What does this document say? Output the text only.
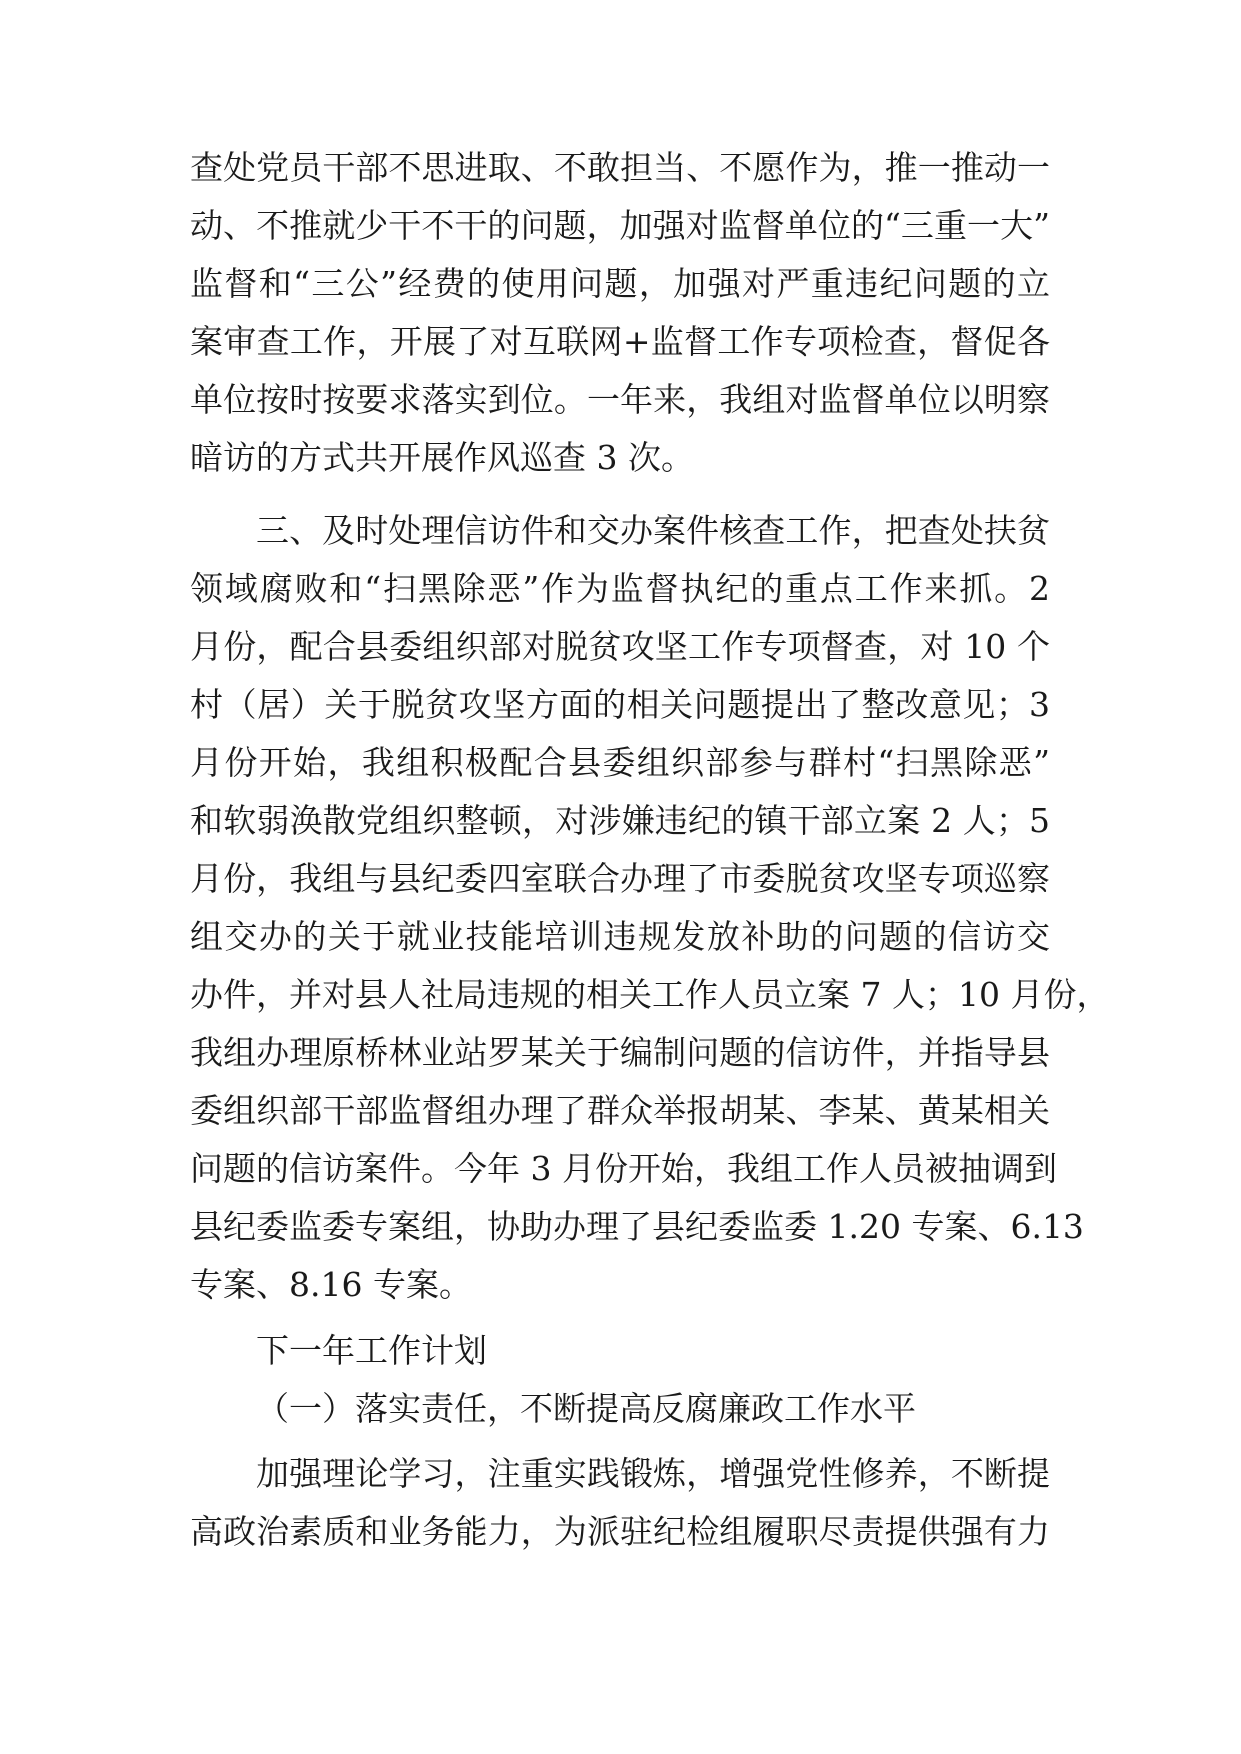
查处党员干部不思进取、不敢担当、不愿作为，推一推动一
动、不推就少干不干的问题，加强对监督单位的“三重一大”
监督和“三公”经费的使用问题，加强对严重违纪问题的立
案审查工作，开展了对互联网+监督工作专项检查，督促各
单位按时按要求落实到位。一年来，我组对监督单位以明察
暗访的方式共开展作风巡查 3 次。
三、及时处理信访件和交办案件核查工作，把查处扶贫
领域腐败和“扫黑除恶”作为监督执纪的重点工作来抓。2
月份，配合县委组织部对脱贫攻坚工作专项督查，对 10 个
村（居）关于脱贫攻坚方面的相关问题提出了整改意见；3
月份开始，我组积极配合县委组织部参与群村“扫黑除恶”
和软弱涣散党组织整顿，对涉嫌违纪的镇干部立案 2 人；5
月份，我组与县纪委四室联合办理了市委脱贫攻坚专项巡察
组交办的关于就业技能培训违规发放补助的问题的信访交
办件，并对县人社局违规的相关工作人员立案 7 人；10 月份，
我组办理原桥林业站罗某关于编制问题的信访件，并指导县
委组织部干部监督组办理了群众举报胡某、李某、黄某相关
问题的信访案件。今年 3 月份开始，我组工作人员被抽调到
县纪委监委专案组，协助办理了县纪委监委 1.20 专案、6.13
专案、8.16 专案。
下一年工作计划
（一）落实责任，不断提高反腐廉政工作水平
加强理论学习，注重实践锻炼，增强党性修养，不断提
高政治素质和业务能力，为派驻纪检组履职尽责提供强有力
